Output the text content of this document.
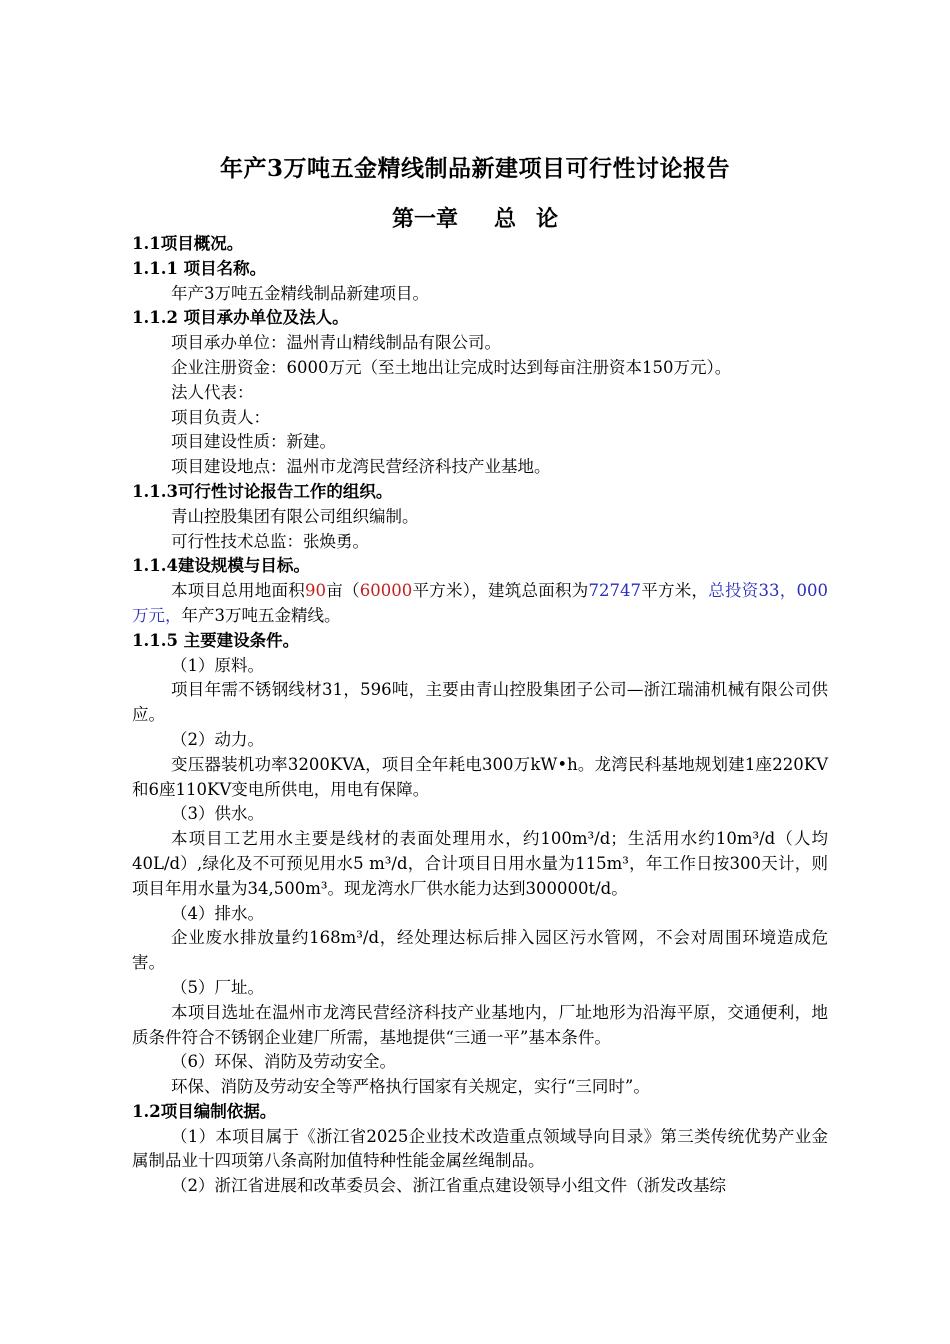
年产3万吨五金精线制品新建项目可行性讨论报告
第一章 总 论
1.1项目概况。
1.1.1 项目名称。
年产3万吨五金精线制品新建项目。
1.1.2 项目承办单位及法人。
项目承办单位：温州青山精线制品有限公司。
企业注册资金：6000万元（至土地出让完成时达到每亩注册资本150万元）。
法人代表：
项目负责人：
项目建设性质：新建。
项目建设地点：温州市龙湾民营经济科技产业基地。
1.1.3可行性讨论报告工作的组织。
青山控股集团有限公司组织编制。
可行性技术总监：张焕勇。
1.1.4建设规模与目标。
本项目总用地面积90亩（60000平方米），建筑总面积为72747平方米，总投资33，000万元，年产3万吨五金精线。
1.1.5 主要建设条件。
（1）原料。
项目年需不锈钢线材31，596吨，主要由青山控股集团子公司—浙江瑞浦机械有限公司供应。
（2）动力。
变压器装机功率3200KVA，项目全年耗电300万kW•h。龙湾民科基地规划建1座220KV和6座110KV变电所供电，用电有保障。
（3）供水。
本项目工艺用水主要是线材的表面处理用水，约100m³/d；生活用水约10m³/d（人均40L/d）,绿化及不可预见用水5 m³/d，合计项目日用水量为115m³，年工作日按300天计，则项目年用水量为34,500m³。现龙湾水厂供水能力达到300000t/d。
（4）排水。
企业废水排放量约168m³/d，经处理达标后排入园区污水管网，不会对周围环境造成危害。
（5）厂址。
本项目选址在温州市龙湾民营经济科技产业基地内，厂址地形为沿海平原，交通便利，地质条件符合不锈钢企业建厂所需，基地提供“三通一平”基本条件。
（6）环保、消防及劳动安全。
环保、消防及劳动安全等严格执行国家有关规定，实行“三同时”。
1.2项目编制依据。
（1）本项目属于《浙江省2025企业技术改造重点领域导向目录》第三类传统优势产业金属制品业十四项第八条高附加值特种性能金属丝绳制品。
（2）浙江省进展和改革委员会、浙江省重点建设领导小组文件（浙发改基综
